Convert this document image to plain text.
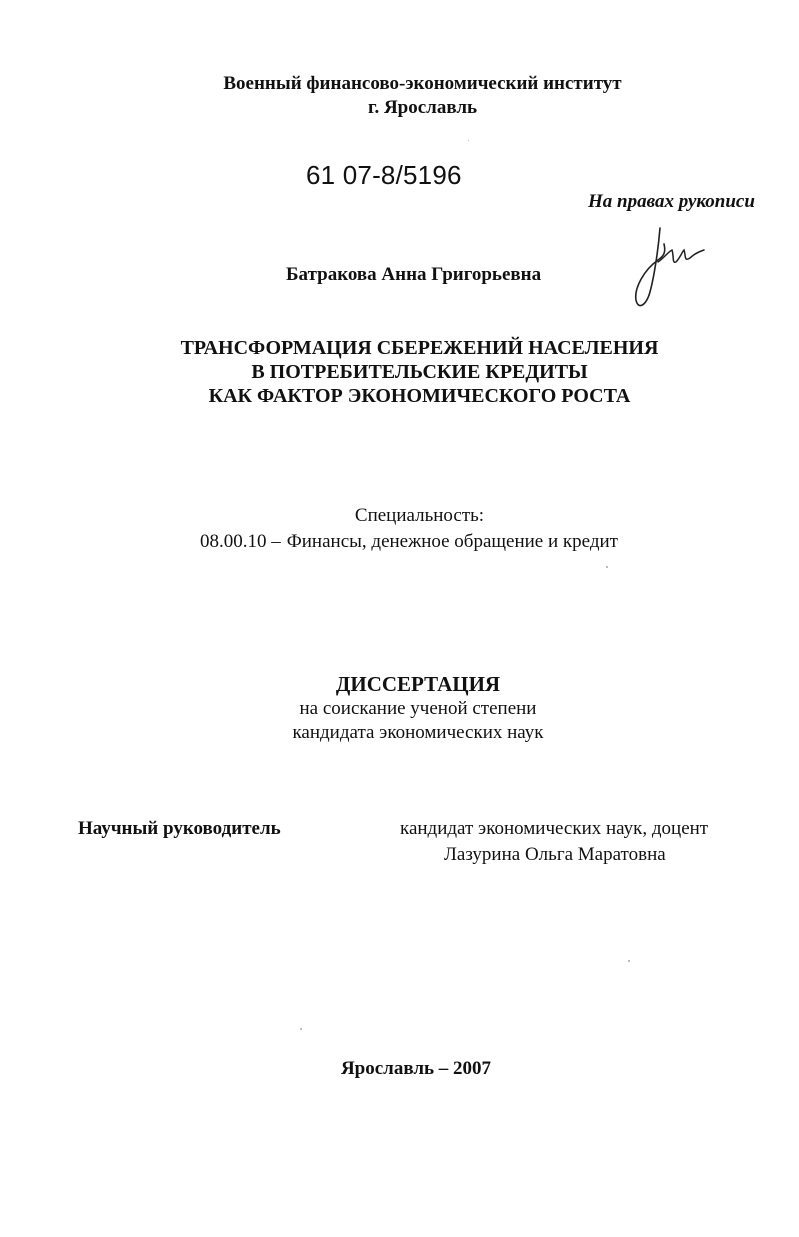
Военный финансово-экономический институт
г. Ярославль
61 07-8/5196
На правах рукописи
Батракова Анна Григорьевна
ТРАНСФОРМАЦИЯ СБЕРЕЖЕНИЙ НАСЕЛЕНИЯ
В ПОТРЕБИТЕЛЬСКИЕ КРЕДИТЫ
КАК ФАКТОР ЭКОНОМИЧЕСКОГО РОСТА
Специальность:
08.00.10 – Финансы, денежное обращение и кредит
ДИССЕРТАЦИЯ
на соискание ученой степени
кандидата экономических наук
Научный руководитель	кандидат экономических наук, доцент
Лазурина Ольга Маратовна
Ярославль – 2007
